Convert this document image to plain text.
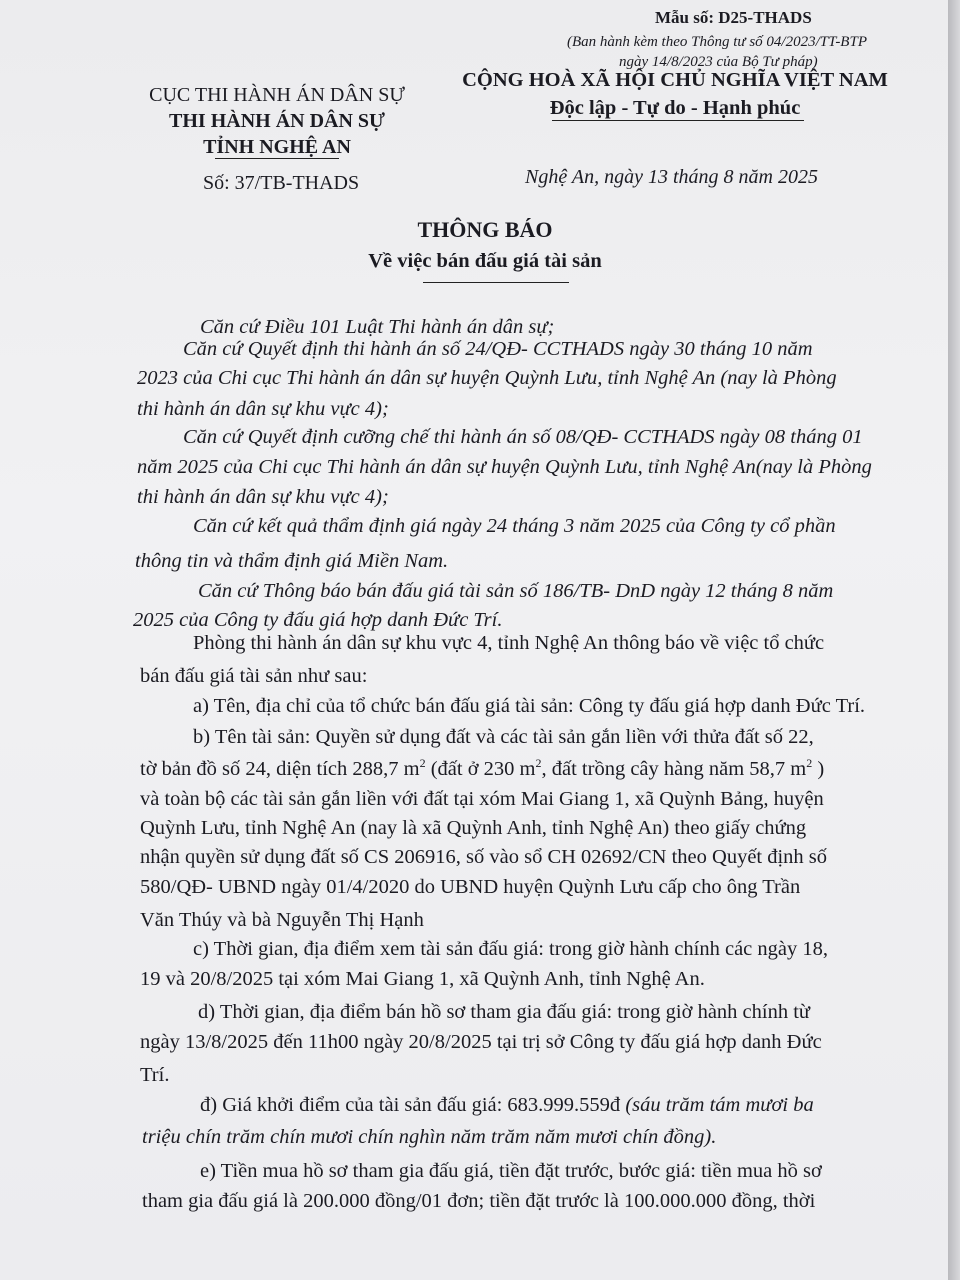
Mẫu số: D25-THADS
(Ban hành kèm theo Thông tư số 04/2023/TT-BTP
ngày 14/8/2023 của Bộ Tư pháp)
CỤC THI HÀNH ÁN DÂN SỰ
THI HÀNH ÁN DÂN SỰ
TỈNH NGHỆ AN
CỘNG HOÀ XÃ HỘI CHỦ NGHĨA VIỆT NAM
Độc lập - Tự do - Hạnh phúc
Số: 37/TB-THADS	Nghệ An, ngày 13 tháng 8 năm 2025
THÔNG BÁO
Về việc bán đấu giá tài sản
Căn cứ Điều 101 Luật Thi hành án dân sự;
Căn cứ Quyết định thi hành án số 24/QĐ- CCTHADS ngày 30 tháng 10 năm
2023 của Chi cục Thi hành án dân sự huyện Quỳnh Lưu, tỉnh Nghệ An (nay là Phòng
thi hành án dân sự khu vực 4);
Căn cứ Quyết định cưỡng chế thi hành án số 08/QĐ- CCTHADS ngày 08 tháng 01
năm 2025 của Chi cục Thi hành án dân sự huyện Quỳnh Lưu, tỉnh Nghệ An(nay là Phòng
thi hành án dân sự khu vực 4);
Căn cứ kết quả thẩm định giá ngày 24 tháng 3 năm 2025 của Công ty cổ phần
thông tin và thẩm định giá Miền Nam.
Căn cứ Thông báo bán đấu giá tài sản số 186/TB- DnD ngày 12 tháng 8 năm
2025 của Công ty đấu giá hợp danh Đức Trí.
Phòng thi hành án dân sự khu vực 4, tỉnh Nghệ An thông báo về việc tổ chức
bán đấu giá tài sản như sau:
a) Tên, địa chỉ của tổ chức bán đấu giá tài sản: Công ty đấu giá hợp danh Đức Trí.
b) Tên tài sản: Quyền sử dụng đất và các tài sản gắn liền với thửa đất số 22,
tờ bản đồ số 24, diện tích 288,7 $m^2$ (đất ở 230 $m^2$, đất trồng cây hàng năm 58,7 $m^2$ )
và toàn bộ các tài sản gắn liền với đất tại xóm Mai Giang 1, xã Quỳnh Bảng, huyện
Quỳnh Lưu, tỉnh Nghệ An (nay là xã Quỳnh Anh, tỉnh Nghệ An) theo giấy chứng
nhận quyền sử dụng đất số CS 206916, số vào sổ CH 02692/CN theo Quyết định số
580/QĐ- UBND ngày 01/4/2020 do UBND huyện Quỳnh Lưu cấp cho ông Trần
Văn Thúy và bà Nguyễn Thị Hạnh
c) Thời gian, địa điểm xem tài sản đấu giá: trong giờ hành chính các ngày 18,
19 và 20/8/2025 tại xóm Mai Giang 1, xã Quỳnh Anh, tỉnh Nghệ An.
d) Thời gian, địa điểm bán hồ sơ tham gia đấu giá: trong giờ hành chính từ
ngày 13/8/2025 đến 11h00 ngày 20/8/2025 tại trị sở Công ty đấu giá hợp danh Đức
Trí.
đ) Giá khởi điểm của tài sản đấu giá: 683.999.559đ (sáu trăm tám mươi ba
triệu chín trăm chín mươi chín nghìn năm trăm năm mươi chín đồng).
e) Tiền mua hồ sơ tham gia đấu giá, tiền đặt trước, bước giá: tiền mua hồ sơ
tham gia đấu giá là 200.000 đồng/01 đơn; tiền đặt trước là 100.000.000 đồng, thời
